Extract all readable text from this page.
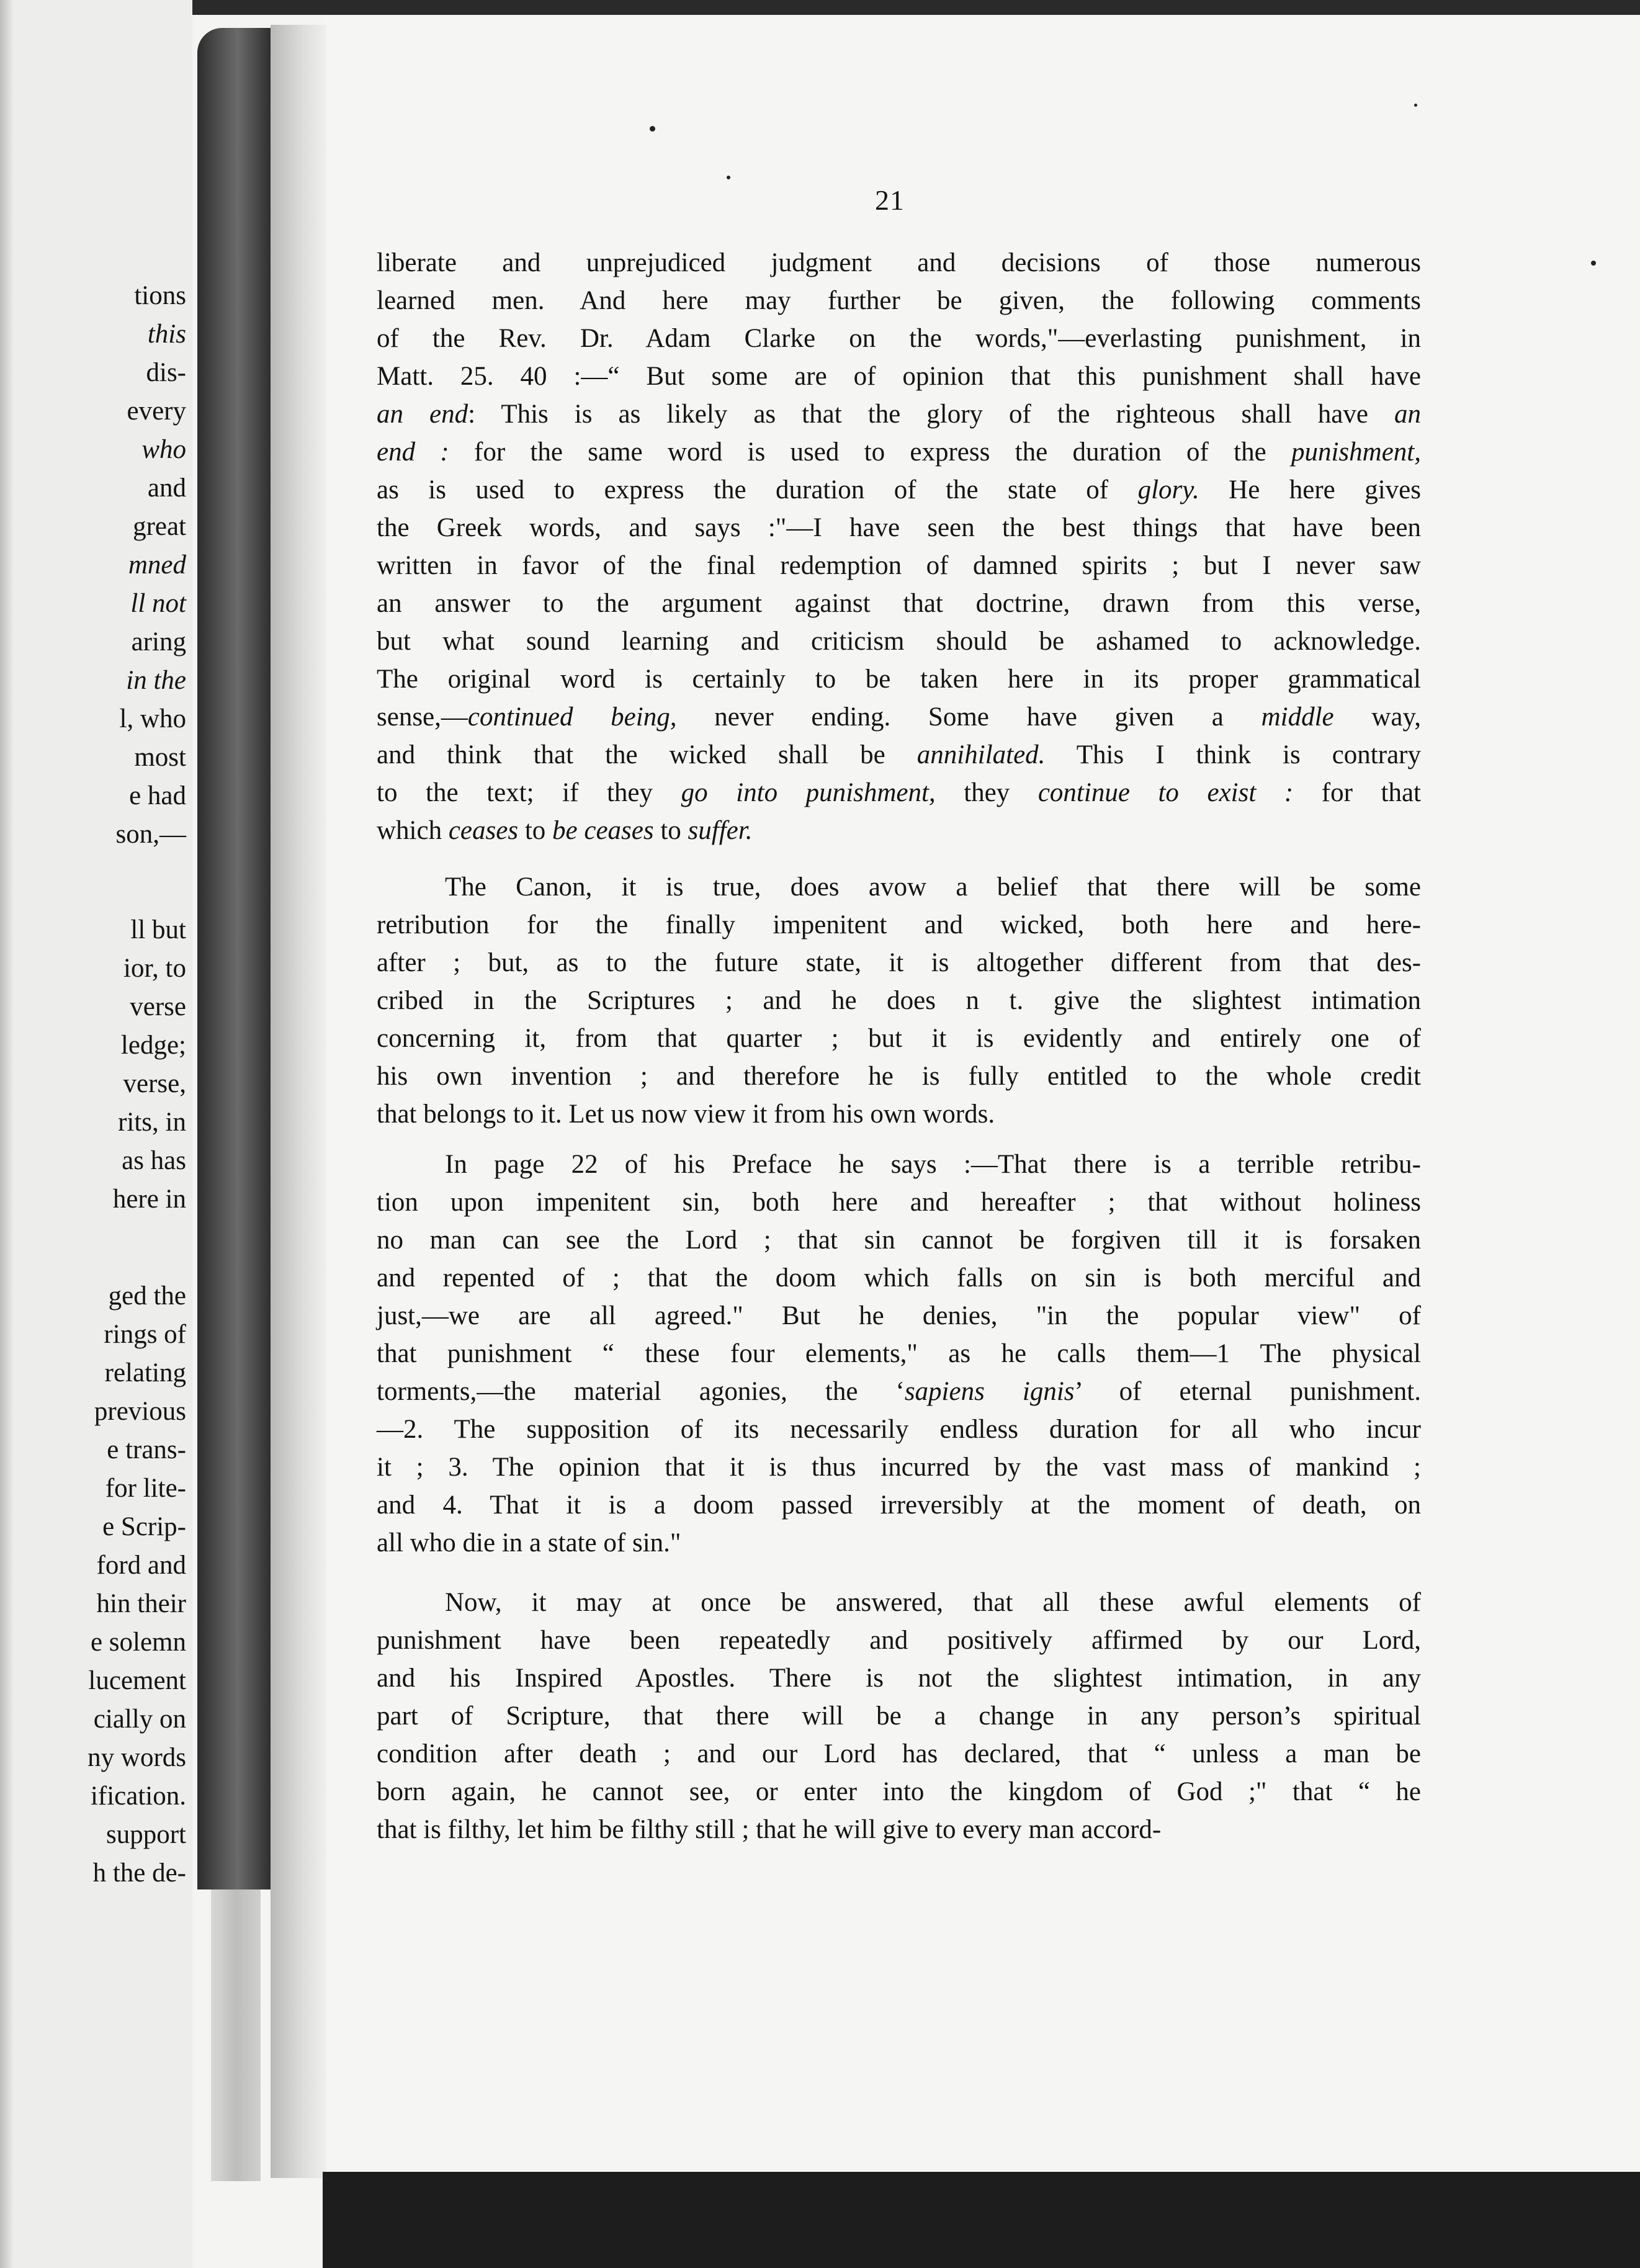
tions
this
dis-
every
who
and
great
mned
ll not
aring
in the
l, who
most
e had
son,—
ll but
ior, to
verse
ledge;
verse,
rits, in
as has
here in
ged the
rings of
relating
previous
e trans-
for lite-
e Scrip-
ford and
hin their
e solemn
lucement
cially on
ny words
ification.
support
h the de-
21
liberate and unprejudiced judgment and decisions of those numerous
learned men. And here may further be given, the following comments
of the Rev. Dr. Adam Clarke on the words,"—everlasting punishment, in
Matt. 25. 40 :—“ But some are of opinion that this punishment shall have
an end: This is as likely as that the glory of the righteous shall have an
end : for the same word is used to express the duration of the punishment,
as is used to express the duration of the state of glory. He here gives
the Greek words, and says :"—I have seen the best things that have been
written in favor of the final redemption of damned spirits ; but I never saw
an answer to the argument against that doctrine, drawn from this verse,
but what sound learning and criticism should be ashamed to acknowledge.
The original word is certainly to be taken here in its proper grammatical
sense,—continued being, never ending. Some have given a middle way,
and think that the wicked shall be annihilated. This I think is contrary
to the text; if they go into punishment, they continue to exist : for that
which ceases to be ceases to suffer.
The Canon, it is true, does avow a belief that there will be some
retribution for the finally impenitent and wicked, both here and here-
after ; but, as to the future state, it is altogether different from that des-
cribed in the Scriptures ; and he does n t. give the slightest intimation
concerning it, from that quarter ; but it is evidently and entirely one of
his own invention ; and therefore he is fully entitled to the whole credit
that belongs to it. Let us now view it from his own words.
In page 22 of his Preface he says :—That there is a terrible retribu-
tion upon impenitent sin, both here and hereafter ; that without holiness
no man can see the Lord ; that sin cannot be forgiven till it is forsaken
and repented of ; that the doom which falls on sin is both merciful and
just,—we are all agreed." But he denies, "in the popular view" of
that punishment “ these four elements," as he calls them—1 The physical
torments,—the material agonies, the ‘sapiens ignis’ of eternal punishment.
—2. The supposition of its necessarily endless duration for all who incur
it ; 3. The opinion that it is thus incurred by the vast mass of mankind ;
and 4. That it is a doom passed irreversibly at the moment of death, on
all who die in a state of sin."
Now, it may at once be answered, that all these awful elements of
punishment have been repeatedly and positively affirmed by our Lord,
and his Inspired Apostles. There is not the slightest intimation, in any
part of Scripture, that there will be a change in any person’s spiritual
condition after death ; and our Lord has declared, that “ unless a man be
born again, he cannot see, or enter into the kingdom of God ;" that “ he
that is filthy, let him be filthy still ; that he will give to every man accord-
